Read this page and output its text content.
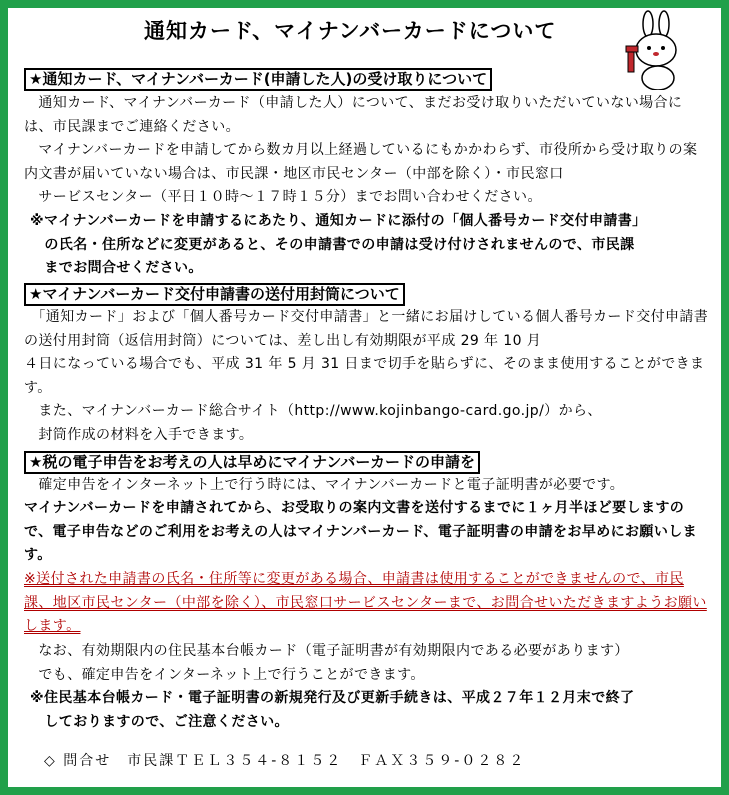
通知カード、マイナンバーカードについて
★通知カード、マイナンバーカード(申請した人)の受け取りについて
　通知カード、マイナンバーカード（申請した人）について、まだお受け取りいただいていない場合には、市民課までご連絡ください。
　マイナンバーカードを申請してから数カ月以上経過しているにもかかわらず、市役所から受け取りの案内文書が届いていない場合は、市民課・地区市民センター（中部を除く）・市民窓口
　サービスセンター（平日１０時～１７時１５分）までお問い合わせください。
※マイナンバーカードを申請するにあたり、通知カードに添付の「個人番号カード交付申請書」
　の氏名・住所などに変更があると、その申請書での申請は受け付けされませんので、市民課
　までお問合せください。
★マイナンバーカード交付申請書の送付用封筒について
　「通知カード」および「個人番号カード交付申請書」と一緒にお届けしている個人番号カード交付申請書の送付用封筒（返信用封筒）については、差し出し有効期限が平成 29 年 10 月
４日になっている場合でも、平成 31 年 5 月 31 日まで切手を貼らずに、そのまま使用することができます。
　また、マイナンバーカード総合サイト（http://www.kojinbango-card.go.jp/）から、
　封筒作成の材料を入手できます。
★税の電子申告をお考えの人は早めにマイナンバーカードの申請を
　確定申告をインターネット上で行う時には、マイナンバーカードと電子証明書が必要です。
マイナンバーカードを申請されてから、お受取りの案内文書を送付するまでに１ヶ月半ほど要しますので、電子申告などのご利用をお考えの人はマイナンバーカード、電子証明書の申請をお早めにお願いします。
※送付された申請書の氏名・住所等に変更がある場合、申請書は使用することができませんので、市民課、地区市民センター（中部を除く）、市民窓口サービスセンターまで、お問合せいただきますようお願いします。
　なお、有効期限内の住民基本台帳カード（電子証明書が有効期限内である必要があります）
　でも、確定申告をインターネット上で行うことができます。
※住民基本台帳カード・電子証明書の新規発行及び更新手続きは、平成２７年１２月末で終了
　しておりますので、ご注意ください。
◇ 問合せ　市民課ＴＥＬ３５４-８１５２　ＦＡＸ３５９-０２８２
